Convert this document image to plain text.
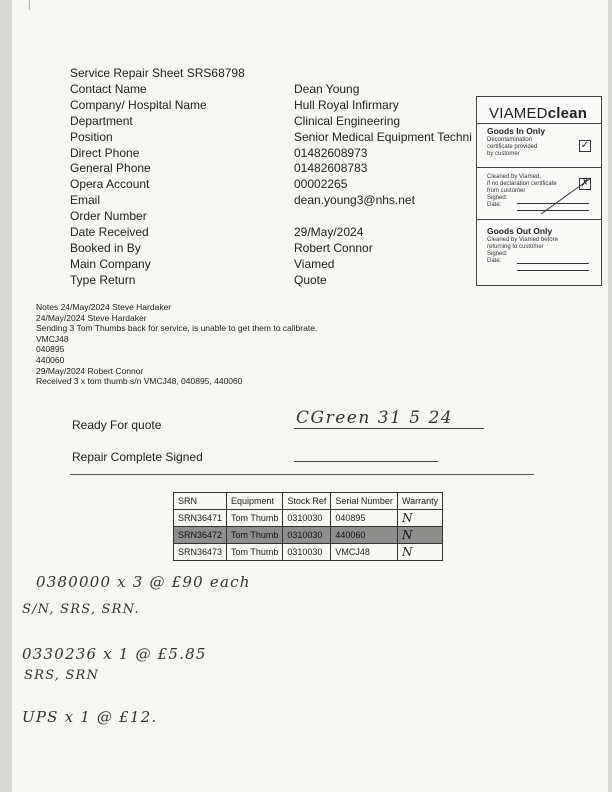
|
Service Repair Sheet SRS68798
Contact Name	Dean Young
Company/ Hospital Name	Hull Royal Infirmary
Department	Clinical Engineering
Position	Senior Medical Equipment Techni
Direct Phone	01482608973
General Phone	01482608783
Opera Account	00002265
Email	dean.young3@nhs.net
Order Number
Date Received	29/May/2024
Booked in By	Robert Connor
Main Company	Viamed
Type Return	Quote
VIAMEDclean
Goods In Only
Decontamination
certificate provided
by customer
✓
Cleaned by Viamed,
if no declaration certificate
from customer
Signed:
Date:
✗
Goods Out Only
Cleaned by Viamed before
returning to customer
Signed:
Date:
Notes 24/May/2024 Steve Hardaker
24/May/2024 Steve Hardaker
Sending 3 Tom Thumbs back for service, is unable to get them to calibrate.
VMCJ48
040895
440060
29/May/2024 Robert Connor
Received 3 x tom thumb s/n VMCJ48, 040895, 440060
Ready For quote	CGreen 31 5 24
Repair Complete Signed
SRN	Equipment	Stock Ref	Serial Number	Warranty
SRN36471	Tom Thumb	0310030	040895	N
SRN36472	Tom Thumb	0310030	440060	N
SRN36473	Tom Thumb	0310030	VMCJ48	N
0380000 x 3 @ £90 each
S/N, SRS, SRN.
0330236 x 1 @ £5.85
SRS, SRN
UPS x 1 @ £12.
